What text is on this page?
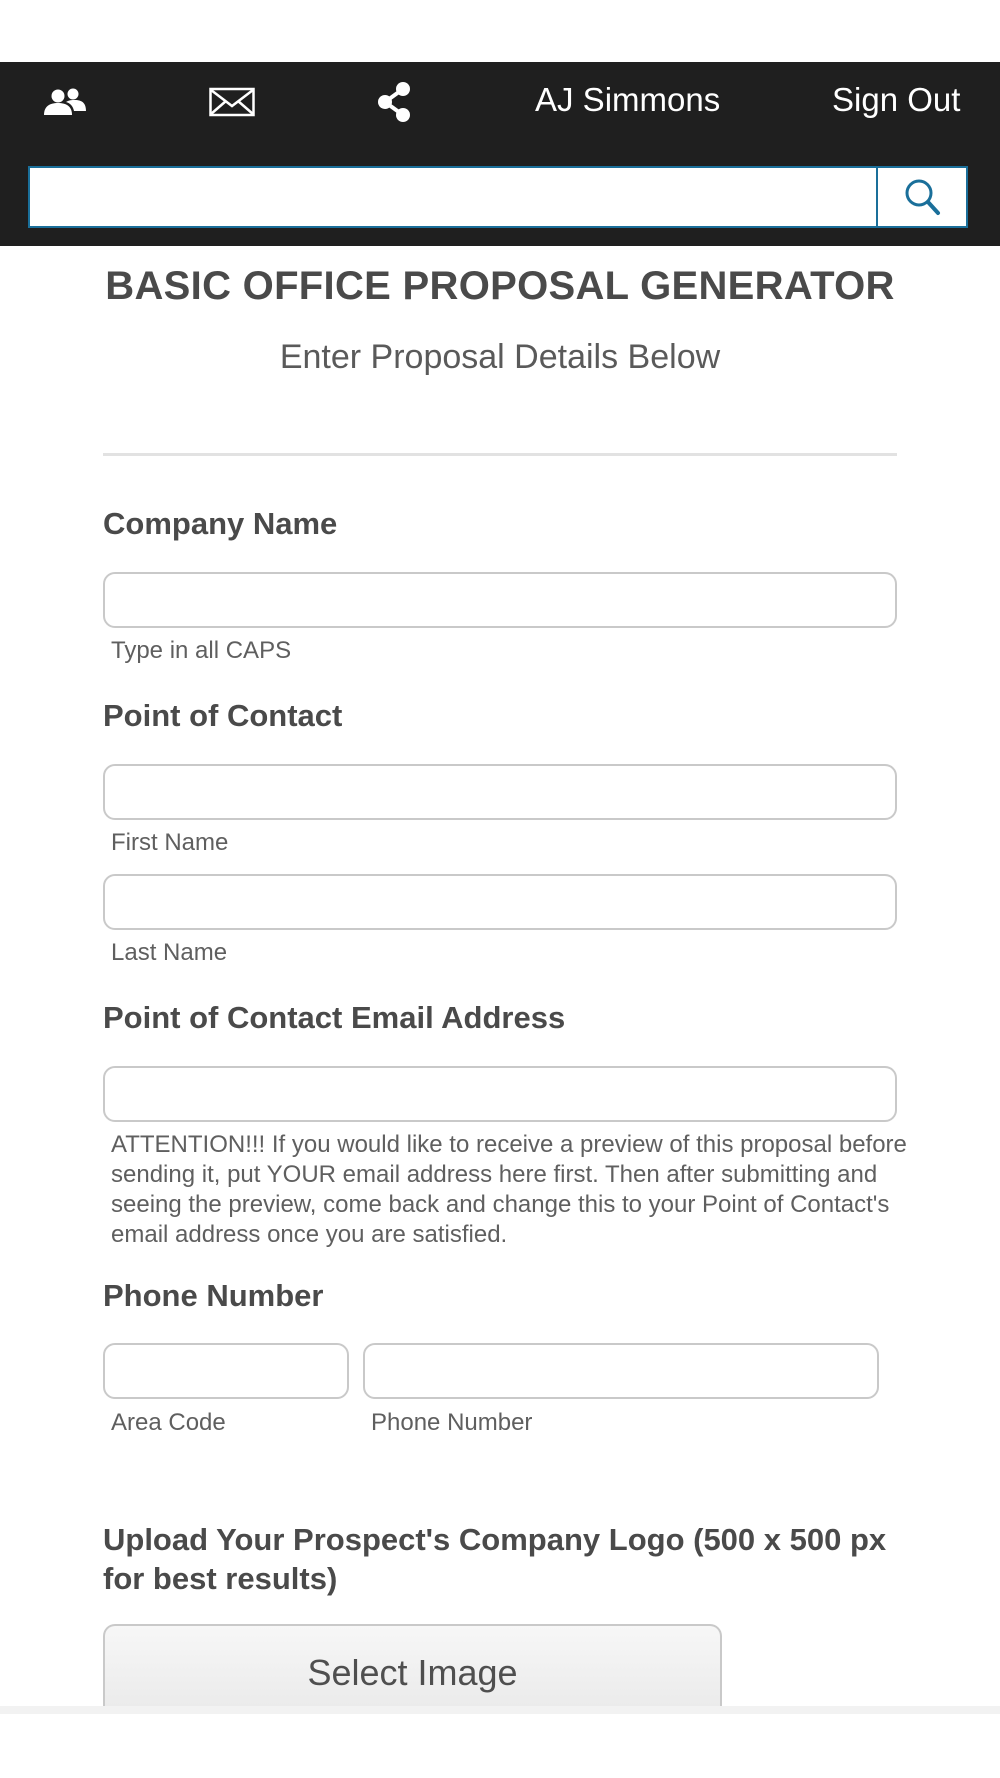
AJ Simmons	Sign Out
BASIC OFFICE PROPOSAL GENERATOR
Enter Proposal Details Below
Company Name
Type in all CAPS
Point of Contact
First Name
Last Name
Point of Contact Email Address
ATTENTION!!! If you would like to receive a preview of this proposal before sending it, put YOUR email address here first. Then after submitting and seeing the preview, come back and change this to your Point of Contact's email address once you are satisfied.
Phone Number
Area Code	Phone Number
Upload Your Prospect's Company Logo (500 x 500 px for best results)
Select Image
